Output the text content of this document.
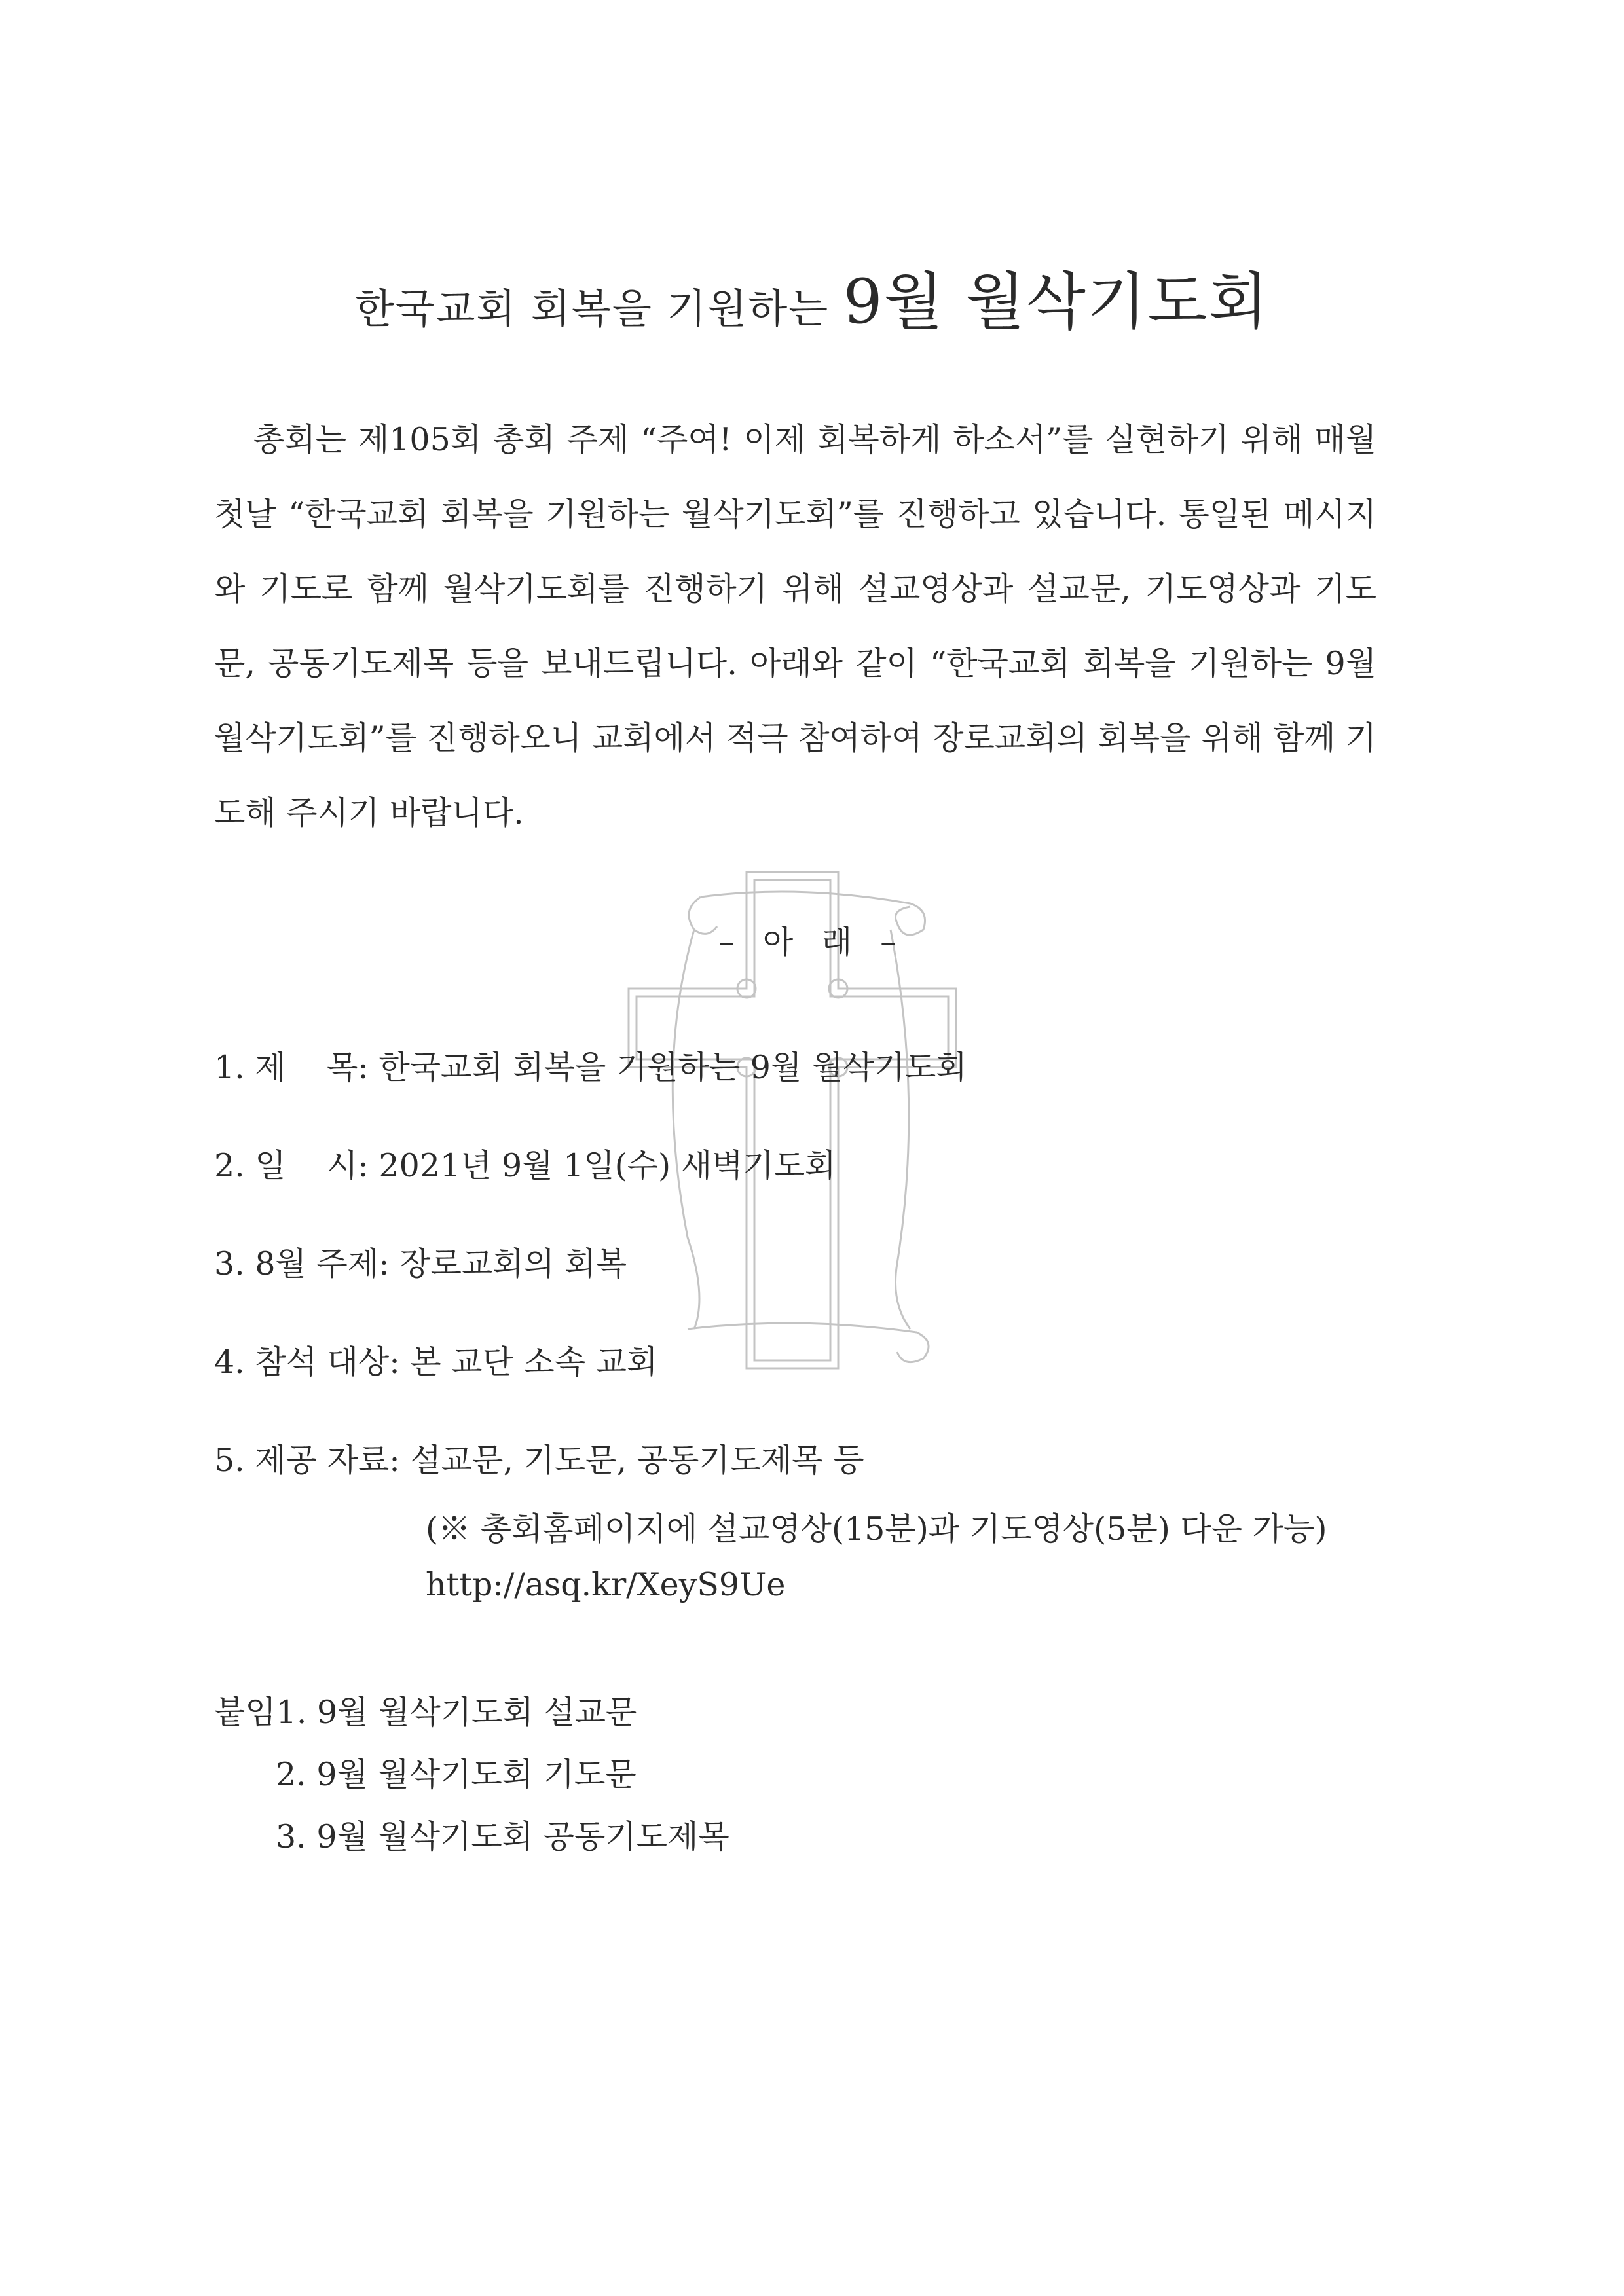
한국교회 회복을 기원하는 9월 월삭기도회
총회는 제105회 총회 주제 “주여! 이제 회복하게 하소서”를 실현하기 위해 매월 첫날 “한국교회 회복을 기원하는 월삭기도회”를 진행하고 있습니다. 통일된 메시지와 기도로 함께 월삭기도회를 진행하기 위해 설교영상과 설교문, 기도영상과 기도문, 공동기도제목 등을 보내드립니다. 아래와 같이 “한국교회 회복을 기원하는 9월 월삭기도회”를 진행하오니 교회에서 적극 참여하여 장로교회의 회복을 위해 함께 기도해 주시기 바랍니다.
– 아 래 –
1. 제    목: 한국교회 회복을 기원하는 9월 월삭기도회
2. 일    시: 2021년 9월 1일(수) 새벽기도회
3. 8월 주제: 장로교회의 회복
4. 참석 대상: 본 교단 소속 교회
5. 제공 자료: 설교문, 기도문, 공동기도제목 등
(※ 총회홈페이지에 설교영상(15분)과 기도영상(5분) 다운 가능)
http://asq.kr/XeyS9Ue
붙임1. 9월 월삭기도회 설교문
2. 9월 월삭기도회 기도문
3. 9월 월삭기도회 공동기도제목
